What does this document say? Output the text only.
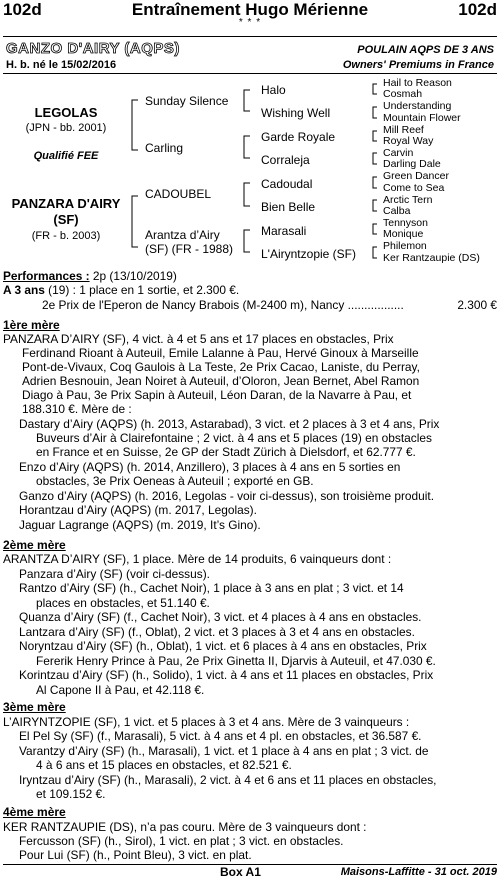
102d	Entraînement Hugo Mérienne	102d
* * *
GANZO D'AIRY (AQPS)
H. b. né le 15/02/2016
POULAIN AQPS DE 3 ANS
Owners' Premiums in France
LEGOLAS
(JPN - bb. 2001)
Qualifié FEE
PANZARA D'AIRY
(SF)
(FR - b. 2003)
Sunday Silence
Carling
CADOUBEL
Arantza d’Airy
(SF) (FR - 1988)
Halo
Wishing Well
Garde Royale
Corraleja
Cadoudal
Bien Belle
Marasali
L'Airyntzopie (SF)
Hail to Reason
Cosmah
Understanding
Mountain Flower
Mill Reef
Royal Way
Carvin
Darling Dale
Green Dancer
Come to Sea
Arctic Tern
Calba
Tennyson
Monique
Philemon
Ker Rantzaupie (DS)
Performances : 2p (13/10/2019)
A 3 ans (19) : 1 place en 1 sortie, et 2.300 €.
2e Prix de l'Eperon de Nancy Brabois (M-2400 m), Nancy .................	2.300 €
1ère mère
2ème mère
3ème mère
4ème mère
PANZARA D’AIRY (SF), 4 vict. à 4 et 5 ans et 17 places en obstacles, Prix
Ferdinand Rioant à Auteuil, Emile Lalanne à Pau, Hervé Ginoux à Marseille
Pont-de-Vivaux, Coq Gaulois à La Teste, 2e Prix Cacao, Laniste, du Perray,
Adrien Besnouin, Jean Noiret à Auteuil, d’Oloron, Jean Bernet, Abel Ramon
Diago à Pau, 3e Prix Sapin à Auteuil, Léon Daran, de la Navarre à Pau, et
188.310 €. Mère de :
Dastary d’Airy (AQPS) (h. 2013, Astarabad), 3 vict. et 2 places à 3 et 4 ans, Prix
Buveurs d’Air à Clairefontaine ; 2 vict. à 4 ans et 5 places (19) en obstacles
en France et en Suisse, 2e GP der Stadt Zürich à Dielsdorf, et 62.777 €.
Enzo d’Airy (AQPS) (h. 2014, Anzillero), 3 places à 4 ans en 5 sorties en
obstacles, 3e Prix Oeneas à Auteuil ; exporté en GB.
Ganzo d’Airy (AQPS) (h. 2016, Legolas - voir ci-dessus), son troisième produit.
Horantzau d’Airy (AQPS) (m. 2017, Legolas).
Jaguar Lagrange (AQPS) (m. 2019, It’s Gino).
ARANTZA D’AIRY (SF), 1 place. Mère de 14 produits, 6 vainqueurs dont :
Panzara d’Airy (SF) (voir ci-dessus).
Rantzo d’Airy (SF) (h., Cachet Noir), 1 place à 3 ans en plat ; 3 vict. et 14
places en obstacles, et 51.140 €.
Quanza d’Airy (SF) (f., Cachet Noir), 3 vict. et 4 places à 4 ans en obstacles.
Lantzara d’Airy (SF) (f., Oblat), 2 vict. et 3 places à 3 et 4 ans en obstacles.
Noryntzau d’Airy (SF) (h., Oblat), 1 vict. et 6 places à 4 ans en obstacles, Prix
Fererik Henry Prince à Pau, 2e Prix Ginetta II, Djarvis à Auteuil, et 47.030 €.
Korintzau d’Airy (SF) (h., Solido), 1 vict. à 4 ans et 11 places en obstacles, Prix
Al Capone II à Pau, et 42.118 €.
L’AIRYNTZOPIE (SF), 1 vict. et 5 places à 3 et 4 ans. Mère de 3 vainqueurs :
El Pel Sy (SF) (f., Marasali), 5 vict. à 4 ans et 4 pl. en obstacles, et 36.587 €.
Varantzy d’Airy (SF) (h., Marasali), 1 vict. et 1 place à 4 ans en plat ; 3 vict. de
4 à 6 ans et 15 places en obstacles, et 82.521 €.
Iryntzau d’Airy (SF) (h., Marasali), 2 vict. à 4 et 6 ans et 11 places en obstacles,
et 109.152 €.
KER RANTZAUPIE (DS), n’a pas couru. Mère de 3 vainqueurs dont :
Fercusson (SF) (h., Sirol), 1 vict. en plat ; 3 vict. en obstacles.
Pour Lui (SF) (h., Point Bleu), 3 vict. en plat.
Box A1	Maisons-Laffitte - 31 oct. 2019
